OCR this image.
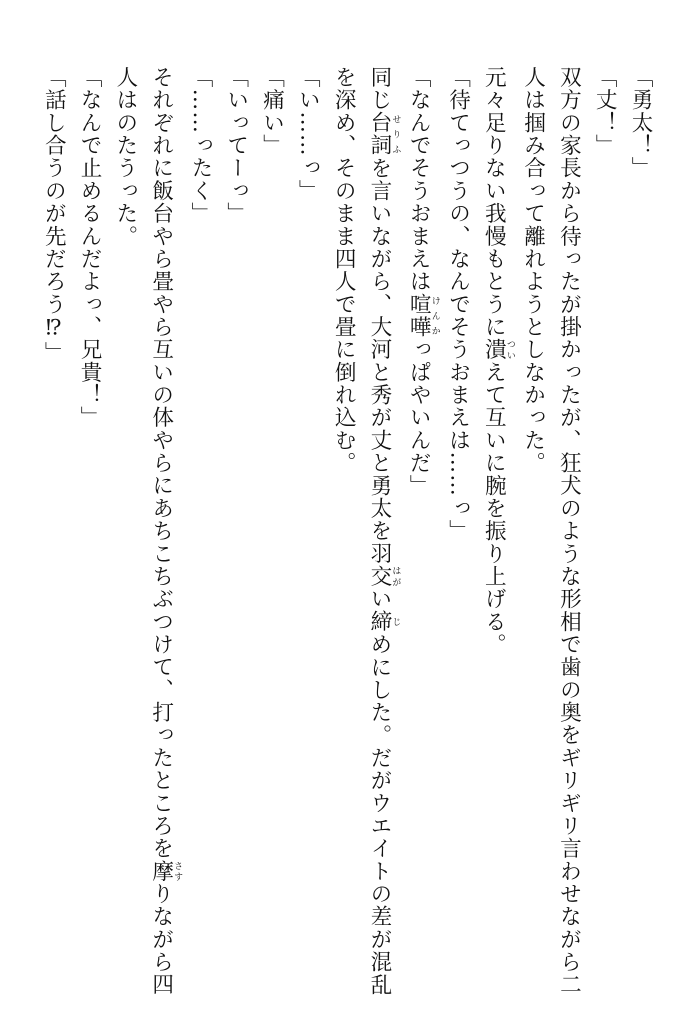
「勇太！」
「丈！」
双方の家長から待ったが掛かったが、狂犬のような形相で歯の奥をギリギリ言わせながら二
人は掴み合って離れようとしなかった。
元々足りない我慢もとうに潰ついえて互いに腕を振り上げる。
「待てっつうの、なんでそうおまえは……っ」
「なんでそうおまえは喧嘩けんかっぱやいんだ」
同じ台詞せりふを言いながら、大河と秀が丈と勇太を羽交はがい締じめにした。だがウエイトの差が混乱
を深め、そのまま四人で畳に倒れ込む。
「い……っ」
「痛い」
「いってーっ」
「……ったく」
それぞれに飯台やら畳やら互いの体やらにあちこちぶつけて、打ったところを摩さすりながら四
人はのたうった。
「なんで止めるんだよっ、兄貴！」
「話し合うのが先だろう⁉」
